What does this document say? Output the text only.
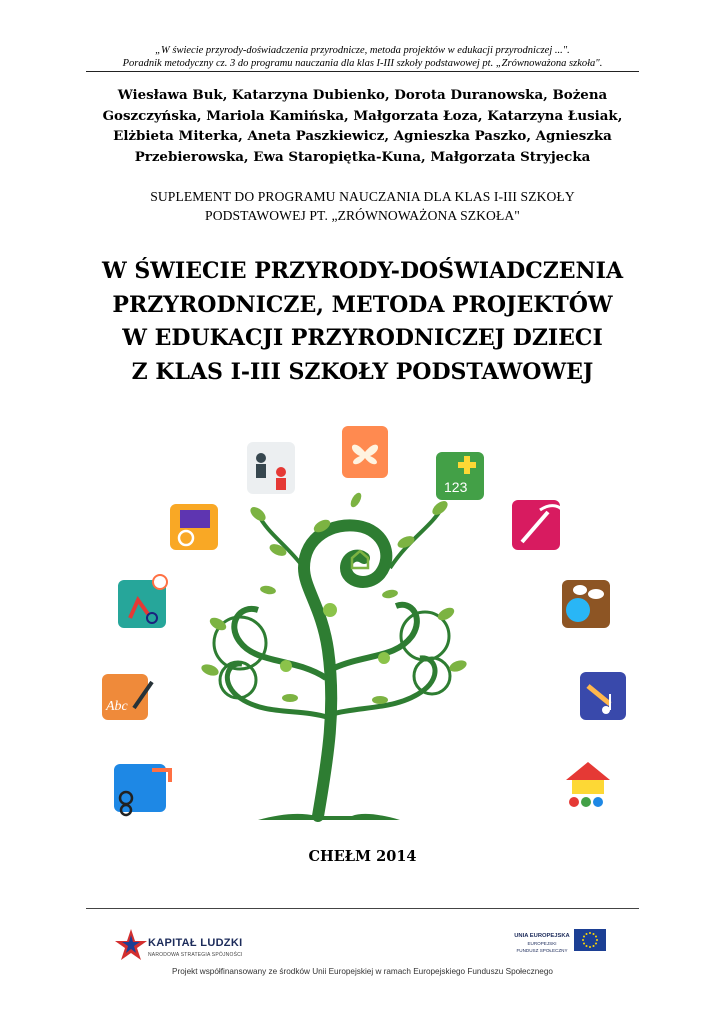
„W świecie przyrody-doświadczenia przyrodnicze, metoda projektów w edukacji przyrodniczej ...".
Poradnik metodyczny cz. 3 do programu nauczania dla klas I-III szkoły podstawowej pt. „Zrównoważona szkoła".
Wiesława Buk, Katarzyna Dubienko, Dorota Duranowska, Bożena
Goszczyńska, Mariola Kamińska, Małgorzata Łoza, Katarzyna Łusiak,
Elżbieta Miterka, Aneta Paszkiewicz, Agnieszka Paszko, Agnieszka
Przebierowska, Ewa Staropiętka-Kuna, Małgorzata Stryjecka
SUPLEMENT DO PROGRAMU NAUCZANIA DLA KLAS I-III SZKOŁY
PODSTAWOWEJ PT. „ZRÓWNOWAŻONA SZKOŁA"
W ŚWIECIE PRZYRODY-DOŚWIADCZENIA
PRZYRODNICZE, METODA PROJEKTÓW
W EDUKACJI PRZYRODNICZEJ DZIECI
Z KLAS I-III SZKOŁY PODSTAWOWEJ
123
Abc
CHEŁM 2014
KAPITAŁ LUDZKI
NARODOWA STRATEGIA SPÓJNOŚCI
UNIA EUROPEJSKA
EUROPEJSKI
FUNDUSZ SPOŁECZNY
Projekt współfinansowany ze środków Unii Europejskiej w ramach Europejskiego Funduszu Społecznego
